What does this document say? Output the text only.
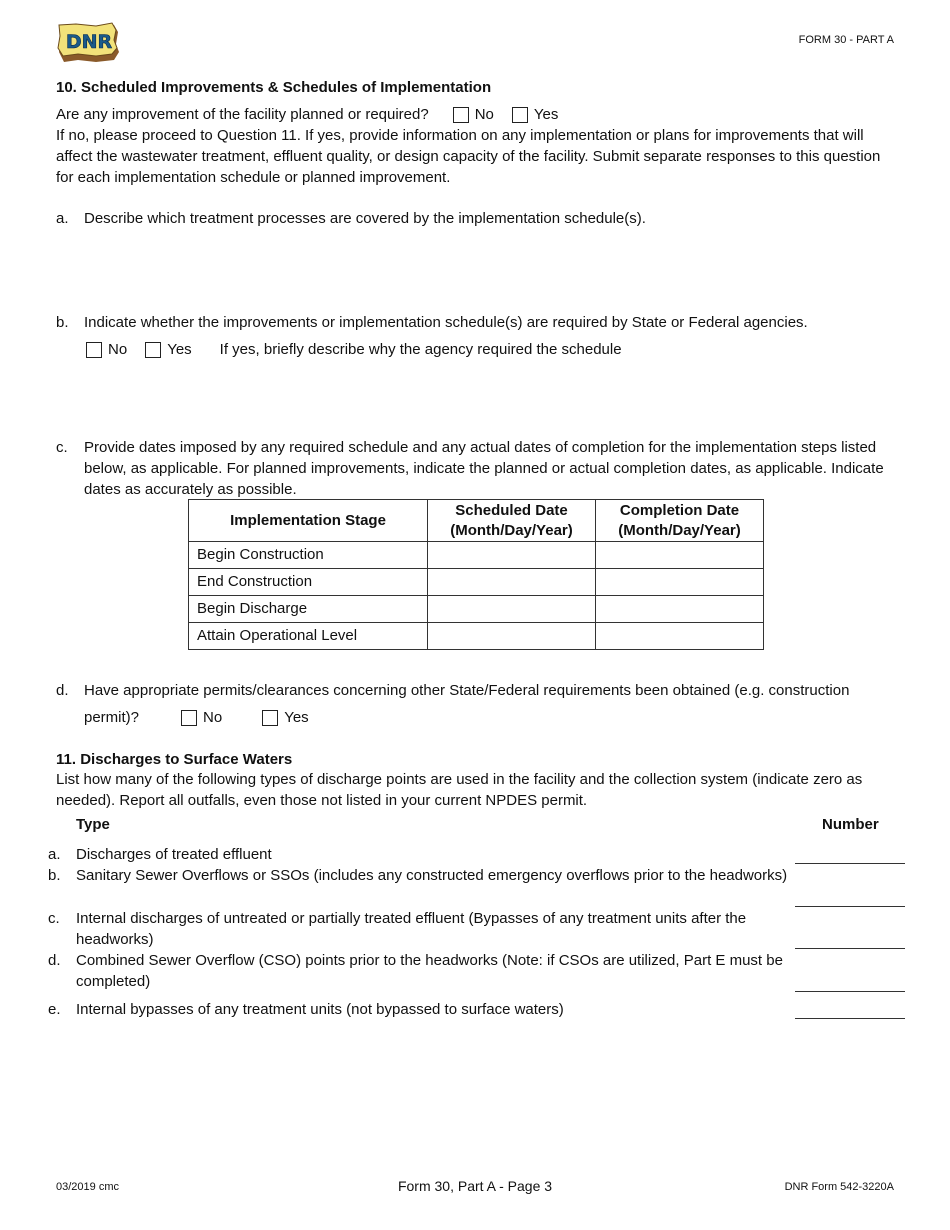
DNR	FORM 30 - PART A
10. Scheduled Improvements & Schedules of Implementation
Are any improvement of the facility planned or required?	No	Yes
If no, please proceed to Question 11. If yes, provide information on any implementation or plans for improvements that will affect the wastewater treatment, effluent quality, or design capacity of the facility. Submit separate responses to this question for each implementation schedule or planned improvement.
a. Describe which treatment processes are covered by the implementation schedule(s).
b. Indicate whether the improvements or implementation schedule(s) are required by State or Federal agencies.
No	Yes If yes, briefly describe why the agency required the schedule
c. Provide dates imposed by any required schedule and any actual dates of completion for the implementation steps listed below, as applicable. For planned improvements, indicate the planned or actual completion dates, as applicable. Indicate dates as accurately as possible.
Implementation Stage	Scheduled Date (Month/Day/Year)	Completion Date (Month/Day/Year)
Begin Construction		
End Construction		
Begin Discharge		
Attain Operational Level		
d. Have appropriate permits/clearances concerning other State/Federal requirements been obtained (e.g. construction
permit)?	No	Yes
11. Discharges to Surface Waters
List how many of the following types of discharge points are used in the facility and the collection system (indicate zero as needed). Report all outfalls, even those not listed in your current NPDES permit.
Type	Number
a. Discharges of treated effluent
b. Sanitary Sewer Overflows or SSOs (includes any constructed emergency overflows prior to the headworks)
c. Internal discharges of untreated or partially treated effluent (Bypasses of any treatment units after the headworks)
d. Combined Sewer Overflow (CSO) points prior to the headworks (Note: if CSOs are utilized, Part E must be completed)
e. Internal bypasses of any treatment units (not bypassed to surface waters)
03/2019 cmc	Form 30, Part A - Page 3	DNR Form 542-3220A
